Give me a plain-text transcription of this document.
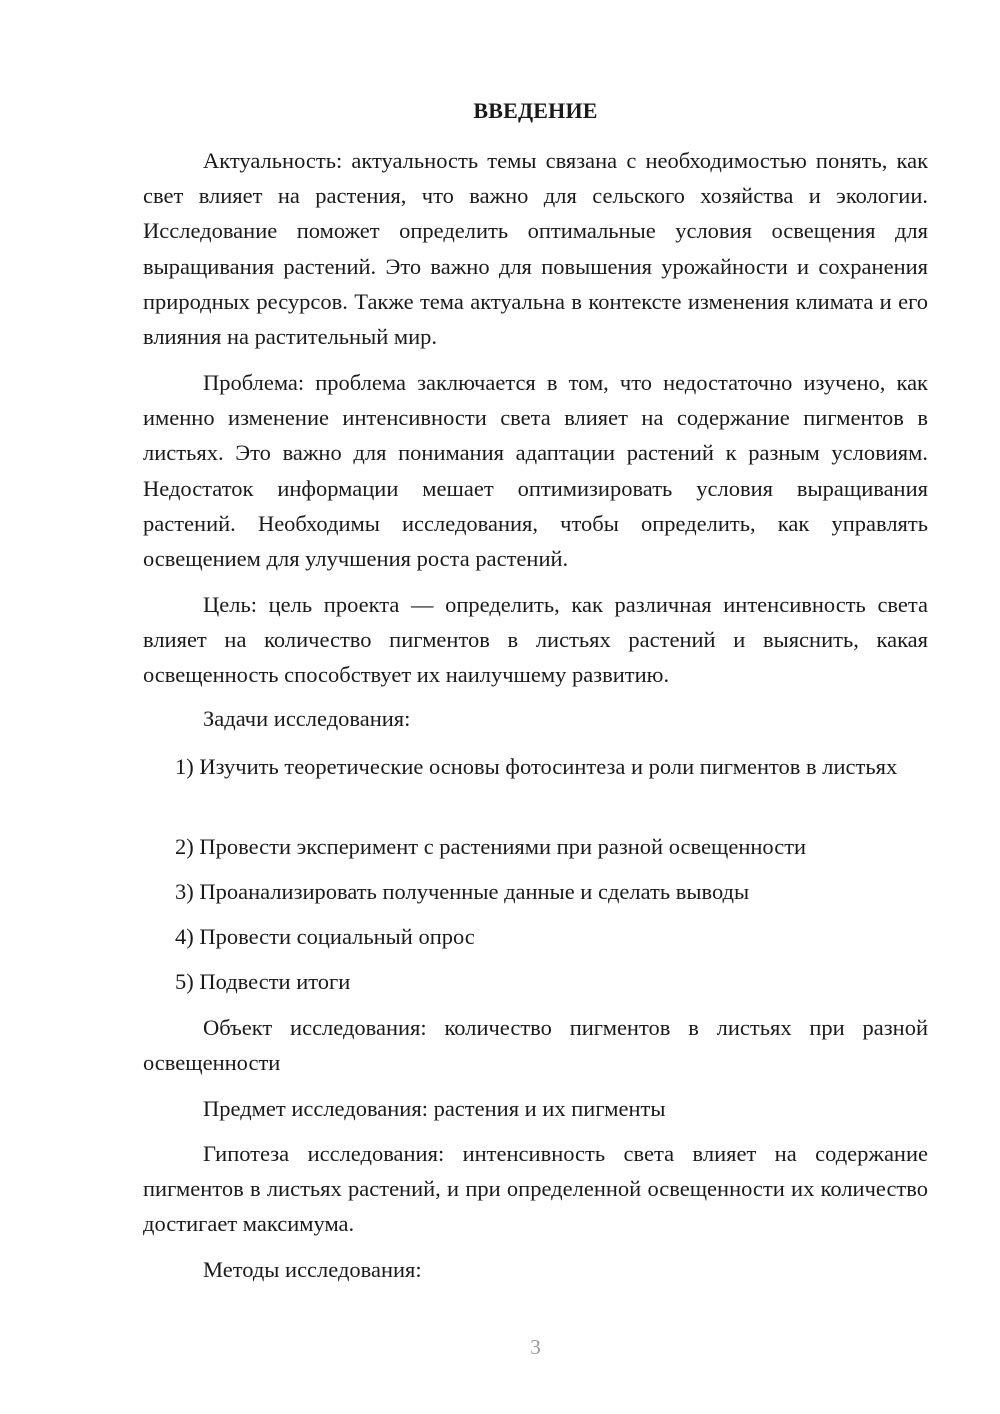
ВВЕДЕНИЕ

Актуальность: актуальность темы связана с необходимостью понять, как свет влияет на растения, что важно для сельского хозяйства и экологии. Исследование поможет определить оптимальные условия освещения для выращивания растений. Это важно для повышения урожайности и сохранения природных ресурсов. Также тема актуальна в контексте изменения климата и его влияния на растительный мир.

Проблема: проблема заключается в том, что недостаточно изучено, как именно изменение интенсивности света влияет на содержание пигментов в листьях. Это важно для понимания адаптации растений к разным условиям. Недостаток информации мешает оптимизировать условия выращивания растений. Необходимы исследования, чтобы определить, как управлять освещением для улучшения роста растений.

Цель: цель проекта — определить, как различная интенсивность света влияет на количество пигментов в листьях растений и выяснить, какая освещенность способствует их наилучшему развитию.

Задачи исследования:

1) Изучить теоретические основы фотосинтеза и роли пигментов в листьях

2) Провести эксперимент с растениями при разной освещенности

3) Проанализировать полученные данные и сделать выводы

4) Провести социальный опрос

5) Подвести итоги

Объект исследования: количество пигментов в листьях при разной освещенности

Предмет исследования: растения и их пигменты

Гипотеза исследования: интенсивность света влияет на содержание пигментов в листьях растений, и при определенной освещенности их количество достигает максимума.

Методы исследования:

3
